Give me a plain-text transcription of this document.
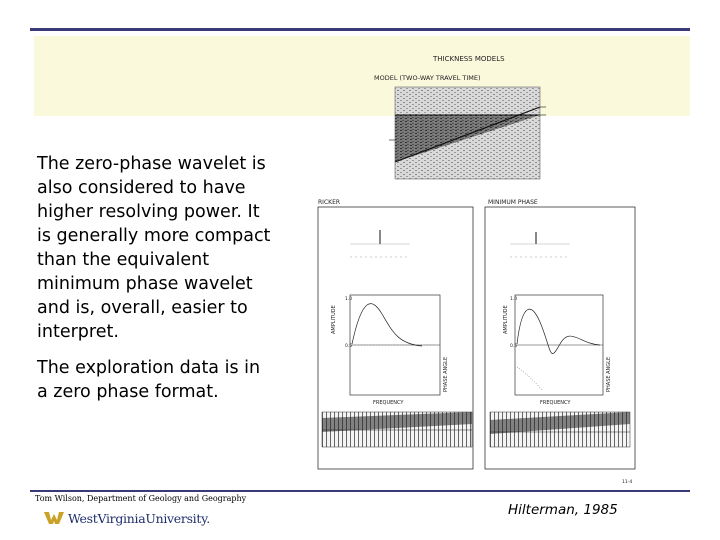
The zero-phase wavelet is also considered to have higher resolving power. It is generally more compact than the equivalent minimum phase wavelet and is, overall, easier to interpret.

The exploration data is in a zero phase format.

THICKNESS MODELS
MODEL (TWO-WAY TRAVEL TIME)
RICKER	MINIMUM PHASE
AMPLITUDE
1.0
0.5
PHASE ANGLE
FREQUENCY
AMPLITUDE
1.0
0.5
PHASE ANGLE
FREQUENCY
11-4
Tom Wilson, Department of Geology and Geography
WestVirginiaUniversity.	Hilterman, 1985
